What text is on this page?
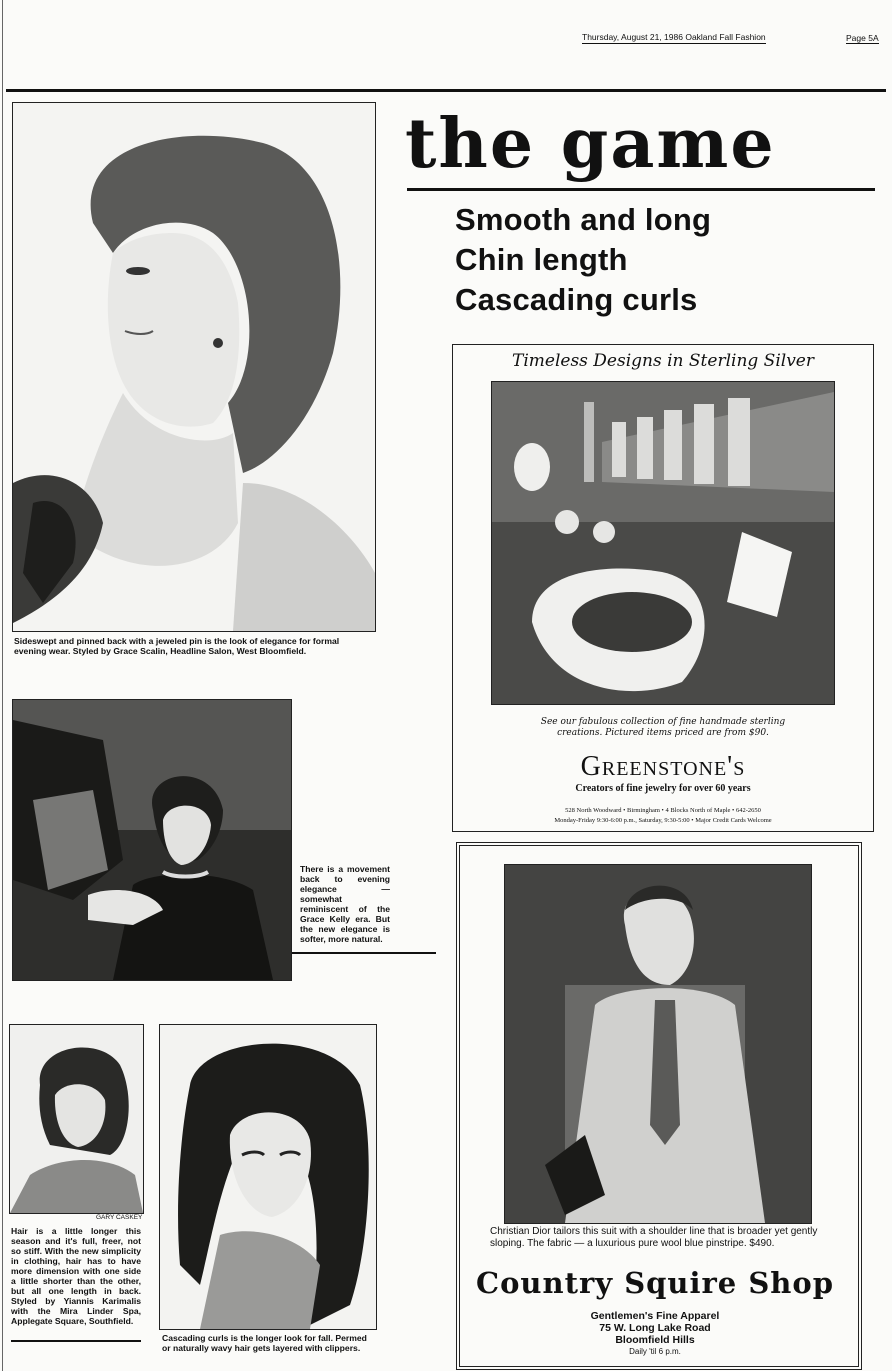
Thursday, August 21, 1986 Oakland Fall Fashion	Page 5A
Sideswept and pinned back with a jeweled pin is the look of elegance for formal evening wear. Styled by Grace Scalin, Headline Salon, West Bloomfield.
the game
Smooth and long
Chin length
Cascading curls
Timeless Designs in Sterling Silver
See our fabulous collection of fine handmade sterling creations. Pictured items priced are from $90.
Greenstone's
Creators of fine jewelry for over 60 years
528 North Woodward • Birmingham • 4 Blocks North of Maple • 642-2650
Monday-Friday 9:30-6:00 p.m., Saturday, 9:30-5:00 • Major Credit Cards Welcome
There is a movement back to evening elegance — somewhat reminiscent of the Grace Kelly era. But the new elegance is softer, more natural.
GARY CASKEY
Hair is a little longer this season and it's full, freer, not so stiff. With the new simplicity in clothing, hair has to have more dimension with one side a little shorter than the other, but all one length in back. Styled by Yiannis Karimalis with the Mira Linder Spa, Applegate Square, Southfield.
Cascading curls is the longer look for fall. Permed or naturally wavy hair gets layered with clippers.
Christian Dior tailors this suit with a shoulder line that is broader yet gently sloping. The fabric — a luxurious pure wool blue pinstripe. $490.
Country Squire Shop
Gentlemen's Fine Apparel
75 W. Long Lake Road
Bloomfield Hills
Daily 'til 6 p.m.
